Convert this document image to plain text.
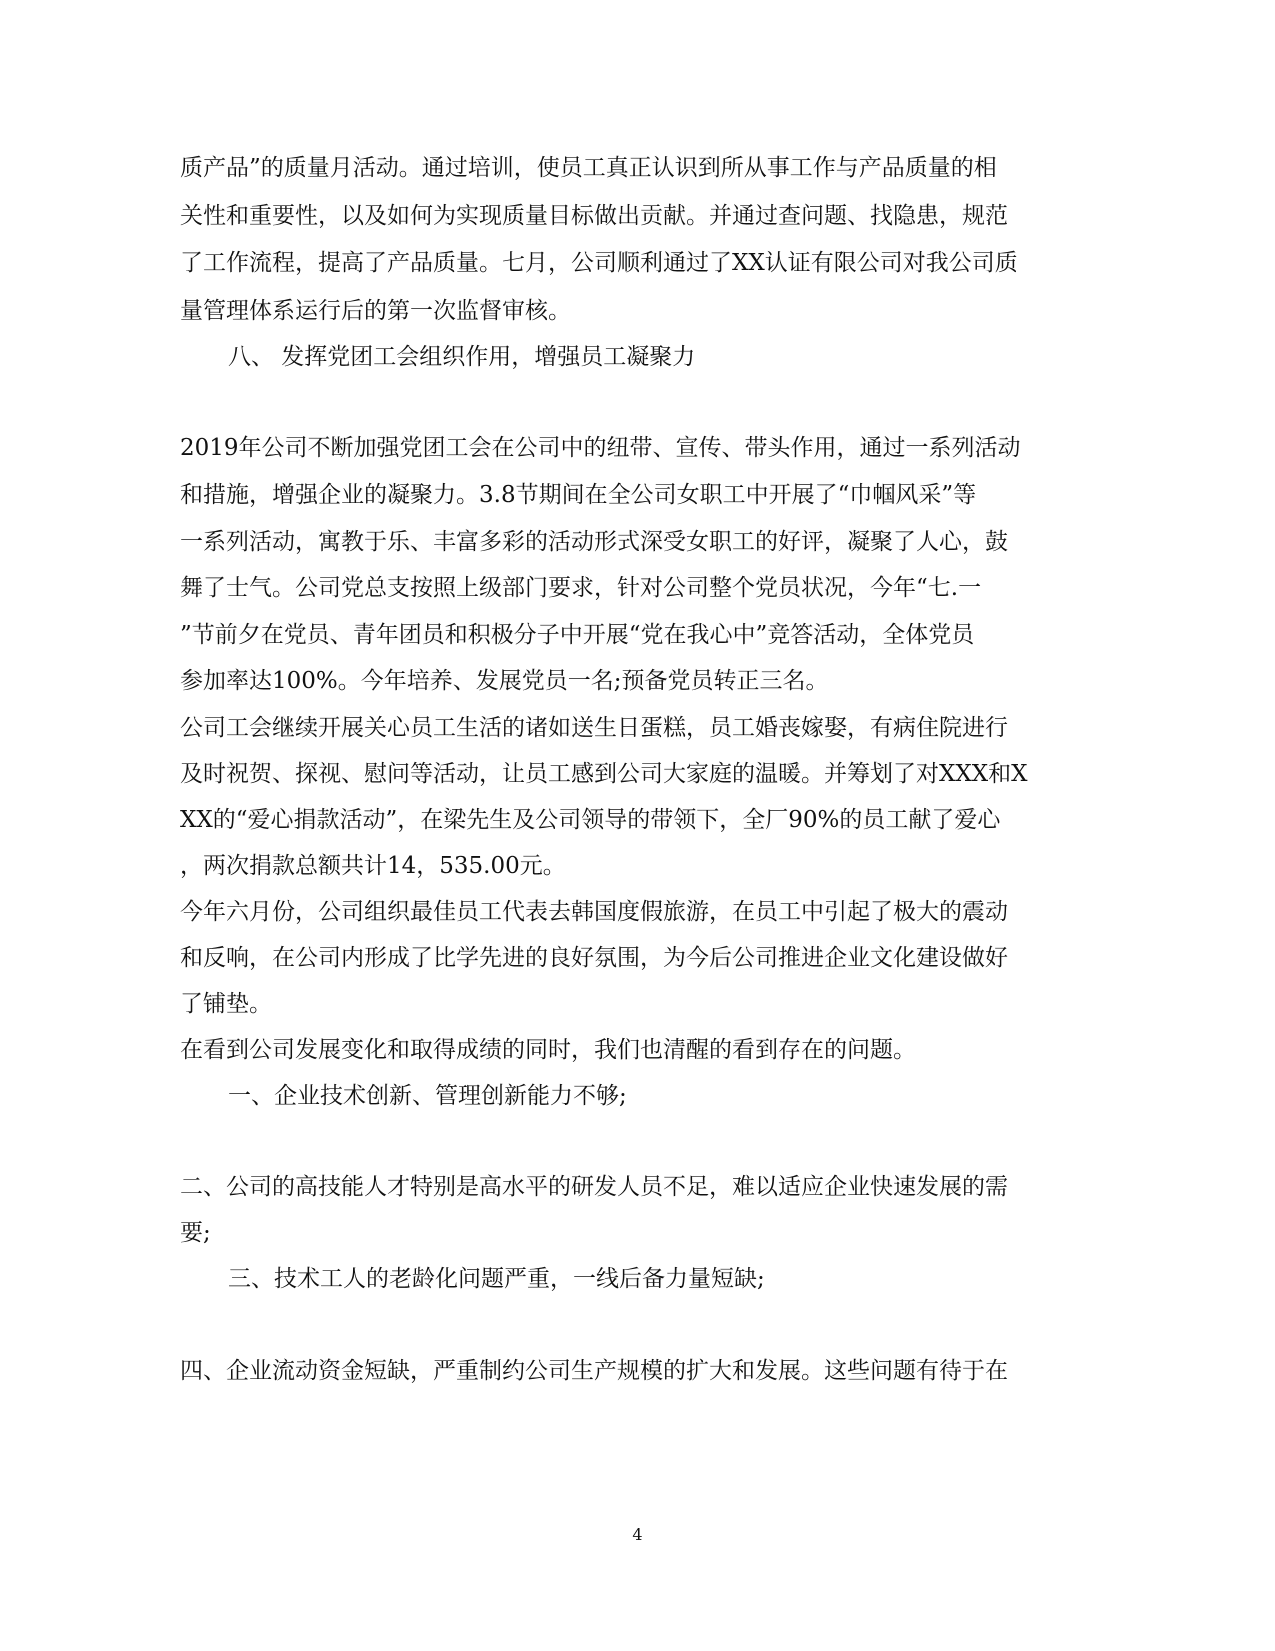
质产品”的质量月活动。通过培训，使员工真正认识到所从事工作与产品质量的相
关性和重要性，以及如何为实现质量目标做出贡献。并通过查问题、找隐患，规范
了工作流程，提高了产品质量。七月，公司顺利通过了XX认证有限公司对我公司质
量管理体系运行后的第一次监督审核。
八、 发挥党团工会组织作用，增强员工凝聚力
2019年公司不断加强党团工会在公司中的纽带、宣传、带头作用，通过一系列活动
和措施，增强企业的凝聚力。3.8节期间在全公司女职工中开展了“巾帼风采”等
一系列活动，寓教于乐、丰富多彩的活动形式深受女职工的好评，凝聚了人心，鼓
舞了士气。公司党总支按照上级部门要求，针对公司整个党员状况，今年“七.一
”节前夕在党员、青年团员和积极分子中开展“党在我心中”竞答活动，全体党员
参加率达100%。今年培养、发展党员一名;预备党员转正三名。
公司工会继续开展关心员工生活的诸如送生日蛋糕，员工婚丧嫁娶，有病住院进行
及时祝贺、探视、慰问等活动，让员工感到公司大家庭的温暖。并筹划了对XXX和X
XX的“爱心捐款活动”，在梁先生及公司领导的带领下，全厂90%的员工献了爱心
，两次捐款总额共计14，535.00元。
今年六月份，公司组织最佳员工代表去韩国度假旅游，在员工中引起了极大的震动
和反响，在公司内形成了比学先进的良好氛围，为今后公司推进企业文化建设做好
了铺垫。
在看到公司发展变化和取得成绩的同时，我们也清醒的看到存在的问题。
一、企业技术创新、管理创新能力不够;
二、公司的高技能人才特别是高水平的研发人员不足，难以适应企业快速发展的需
要;
三、技术工人的老龄化问题严重，一线后备力量短缺;
四、企业流动资金短缺，严重制约公司生产规模的扩大和发展。这些问题有待于在
4
